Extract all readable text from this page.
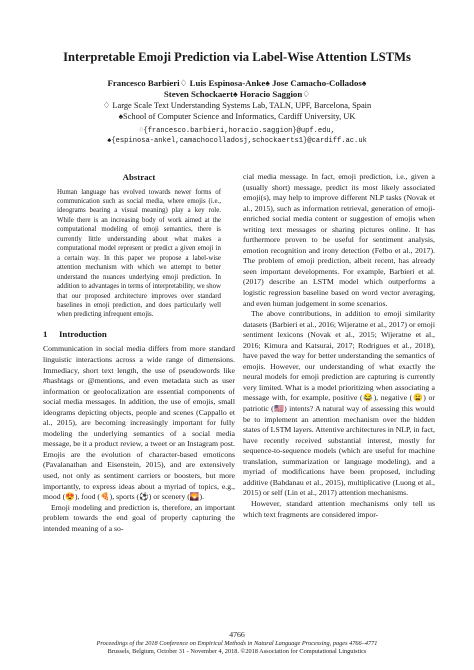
Interpretable Emoji Prediction via Label-Wise Attention LSTMs
Francesco Barbieri♢ Luis Espinosa-Anke♠ Jose Camacho-Collados♠
Steven Schockaert♠ Horacio Saggion♢
♢ Large Scale Text Understanding Systems Lab, TALN, UPF, Barcelona, Spain
♠School of Computer Science and Informatics, Cardiff University, UK
♢{francesco.barbieri,horacio.saggion}@upf.edu,
♠{espinosa-ankel,camachocolladosj,schockaerts1}@cardiff.ac.uk
Abstract

Human language has evolved towards newer forms of communication such as social media, where emojis (i.e., ideograms bearing a visual meaning) play a key role. While there is an increasing body of work aimed at the computational modeling of emoji semantics, there is currently little understanding about what makes a computational model represent or predict a given emoji in a certain way. In this paper we propose a label-wise attention mechanism with which we attempt to better understand the nuances underlying emoji prediction. In addition to advantages in terms of interpretability, we show that our proposed architecture improves over standard baselines in emoji prediction, and does particularly well when predicting infrequent emojis.

1 Introduction

Communication in social media differs from more standard linguistic interactions across a wide range of dimensions. Immediacy, short text length, the use of pseudowords like #hashtags or @mentions, and even metadata such as user information or geolocalization are essential components of social media messages. In addition, the use of emojis, small ideograms depicting objects, people and scenes (Cappallo et al., 2015), are becoming increasingly important for fully modeling the underlying semantics of a social media message, be it a product review, a tweet or an Instagram post. Emojis are the evolution of character-based emoticons (Pavalanathan and Eisenstein, 2015), and are extensively used, not only as sentiment carriers or boosters, but more importantly, to express ideas about a myriad of topics, e.g., mood (😍), food (🍕), sports (⚽) or scenery (🌄).

Emoji modeling and prediction is, therefore, an important problem towards the end goal of properly capturing the intended meaning of a so-

cial media message. In fact, emoji prediction, i.e., given a (usually short) message, predict its most likely associated emoji(s), may help to improve different NLP tasks (Novak et al., 2015), such as information retrieval, generation of emoji-enriched social media content or suggestion of emojis when writing text messages or sharing pictures online. It has furthermore proven to be useful for sentiment analysis, emotion recognition and irony detection (Felbo et al., 2017). The problem of emoji prediction, albeit recent, has already seen important developments. For example, Barbieri et al. (2017) describe an LSTM model which outperforms a logistic regression baseline based on word vector averaging, and even human judgement in some scenarios.

The above contributions, in addition to emoji similarity datasets (Barbieri et al., 2016; Wijeratne et al., 2017) or emoji sentiment lexicons (Novak et al., 2015; Wijeratne et al., 2016; Kimura and Katsurai, 2017; Rodrigues et al., 2018), have paved the way for better understanding the semantics of emojis. However, our understanding of what exactly the neural models for emoji prediction are capturing is currently very limited. What is a model prioritizing when associating a message with, for example, positive (😂), negative (😩) or patriotic (🇺🇸) intents? A natural way of assessing this would be to implement an attention mechanism over the hidden states of LSTM layers. Attentive architectures in NLP, in fact, have recently received substantial interest, mostly for sequence-to-sequence models (which are useful for machine translation, summarization or language modeling), and a myriad of modifications have been proposed, including additive (Bahdanau et al., 2015), multiplicative (Luong et al., 2015) or self (Lin et al., 2017) attention mechanisms.

However, standard attention mechanisms only tell us which text fragments are considered impor-

4766
Proceedings of the 2018 Conference on Empirical Methods in Natural Language Processing, pages 4766–4771
Brussels, Belgium, October 31 - November 4, 2018. ©2018 Association for Computational Linguistics
